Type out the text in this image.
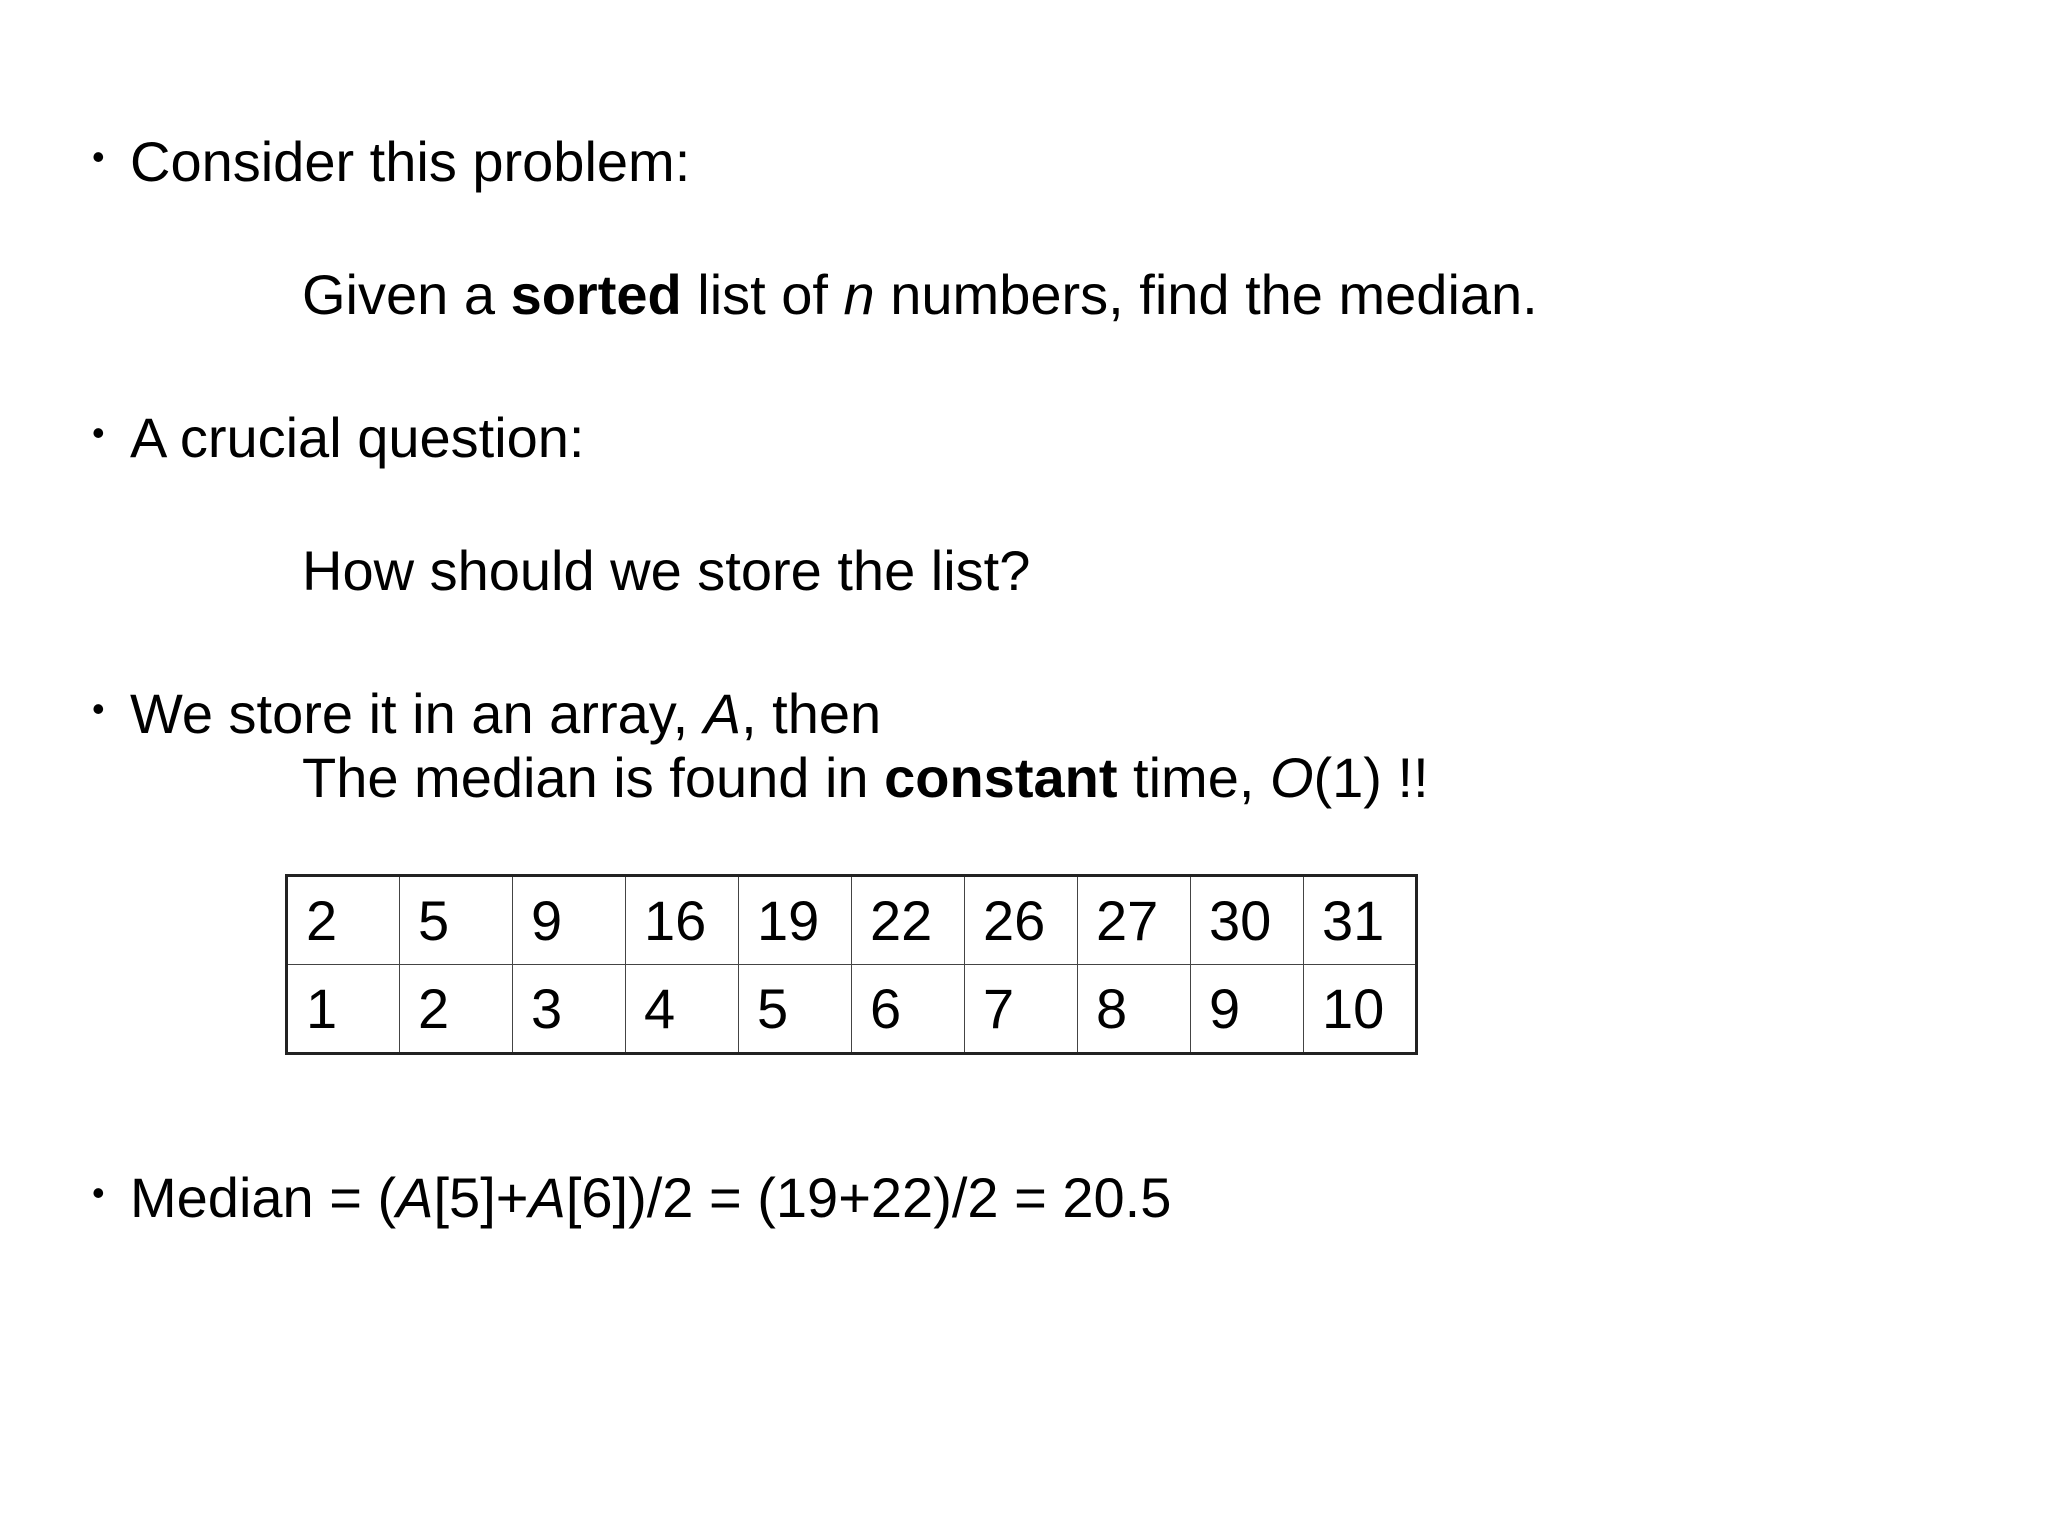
• Consider this problem:
Given a sorted list of n numbers, find the median.
• A crucial question:
How should we store the list?
• We store it in an array, A, then
The median is found in constant time, O(1) !!
2	5	9	16	19	22	26	27	30	31
1	2	3	4	5	6	7	8	9	10
• Median = (A[5]+A[6])/2 = (19+22)/2 = 20.5
